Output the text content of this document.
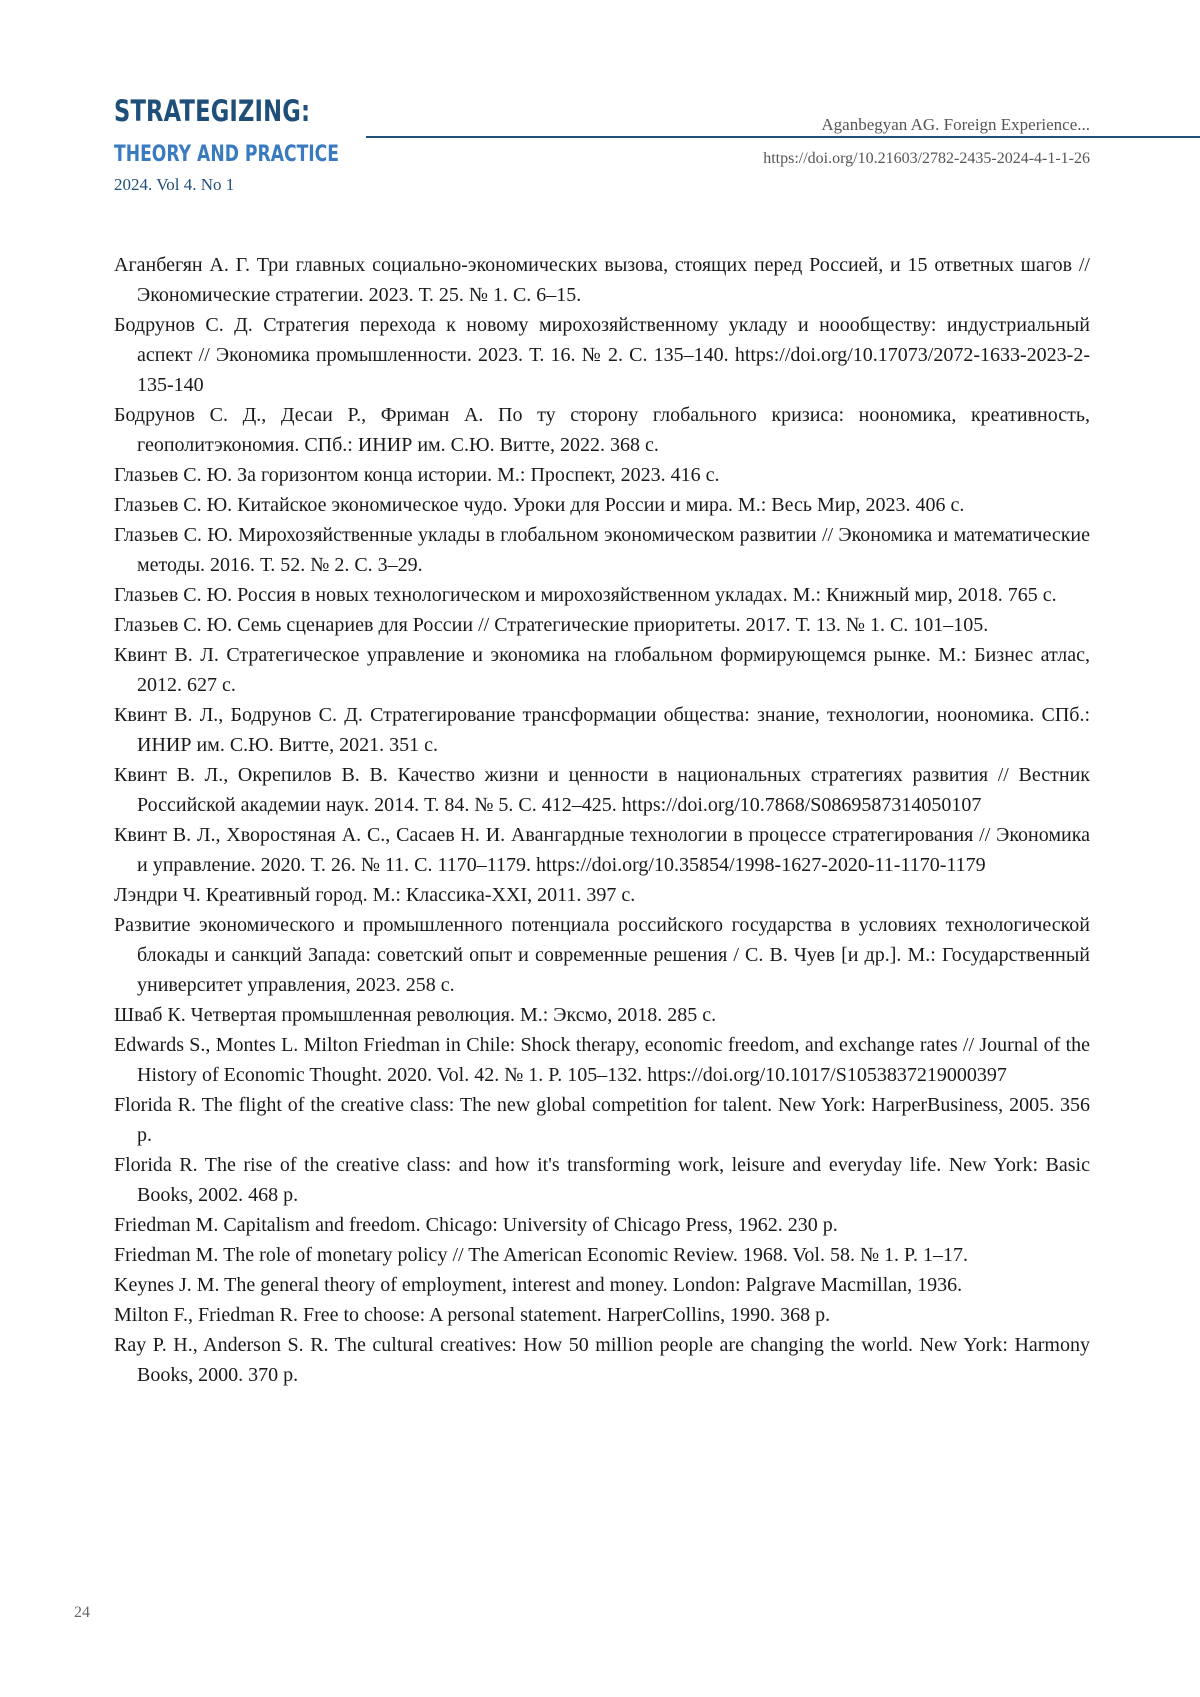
STRATEGIZING:
THEORY AND PRACTICE
2024. Vol 4. No 1
Aganbegyan AG. Foreign Experience...
https://doi.org/10.21603/2782-2435-2024-4-1-1-26
Аганбегян А. Г. Три главных социально-экономических вызова, стоящих перед Россией, и 15 ответных шагов // Экономические стратегии. 2023. Т. 25. № 1. С. 6–15.
Бодрунов С. Д. Стратегия перехода к новому мирохозяйственному укладу и нооoбществу: индустриальный аспект // Экономика промышленности. 2023. Т. 16. № 2. С. 135–140. https://doi.org/10.17073/2072-1633-2023-2-135-140
Бодрунов С. Д., Десаи Р., Фриман А. По ту сторону глобального кризиса: ноономика, креативность, геополитэкономия. СПб.: ИНИР им. С.Ю. Витте, 2022. 368 с.
Глазьев С. Ю. За горизонтом конца истории. М.: Проспект, 2023. 416 с.
Глазьев С. Ю. Китайское экономическое чудо. Уроки для России и мира. М.: Весь Мир, 2023. 406 с.
Глазьев С. Ю. Мирохозяйственные уклады в глобальном экономическом развитии // Экономика и математические методы. 2016. Т. 52. № 2. С. 3–29.
Глазьев С. Ю. Россия в новых технологическом и мирохозяйственном укладах. М.: Книжный мир, 2018. 765 с.
Глазьев С. Ю. Семь сценариев для России // Стратегические приоритеты. 2017. Т. 13. № 1. С. 101–105.
Квинт В. Л. Стратегическое управление и экономика на глобальном формирующемся рынке. М.: Бизнес атлас, 2012. 627 с.
Квинт В. Л., Бодрунов С. Д. Стратегирование трансформации общества: знание, технологии, ноономика. СПб.: ИНИР им. С.Ю. Витте, 2021. 351 с.
Квинт В. Л., Окрепилов В. В. Качество жизни и ценности в национальных стратегиях развития // Вестник Российской академии наук. 2014. Т. 84. № 5. С. 412–425. https://doi.org/10.7868/S0869587314050107
Квинт В. Л., Хворостяная А. С., Сасаев Н. И. Авангардные технологии в процессе стратегирования // Экономика и управление. 2020. Т. 26. № 11. С. 1170–1179. https://doi.org/10.35854/1998-1627-2020-11-1170-1179
Лэндри Ч. Креативный город. М.: Классика-XXI, 2011. 397 с.
Развитие экономического и промышленного потенциала российского государства в условиях технологической блокады и санкций Запада: советский опыт и современные решения / С. В. Чуев [и др.]. М.: Государственный университет управления, 2023. 258 с.
Шваб К. Четвертая промышленная революция. М.: Эксмо, 2018. 285 с.
Edwards S., Montes L. Milton Friedman in Chile: Shock therapy, economic freedom, and exchange rates // Journal of the History of Economic Thought. 2020. Vol. 42. № 1. P. 105–132. https://doi.org/10.1017/S1053837219000397
Florida R. The flight of the creative class: The new global competition for talent. New York: HarperBusiness, 2005. 356 p.
Florida R. The rise of the creative class: and how it's transforming work, leisure and everyday life. New York: Basic Books, 2002. 468 p.
Friedman M. Capitalism and freedom. Chicago: University of Chicago Press, 1962. 230 p.
Friedman M. The role of monetary policy // The American Economic Review. 1968. Vol. 58. № 1. P. 1–17.
Keynes J. M. The general theory of employment, interest and money. London: Palgrave Macmillan, 1936.
Milton F., Friedman R. Free to choose: A personal statement. HarperCollins, 1990. 368 p.
Ray P. H., Anderson S. R. The cultural creatives: How 50 million people are changing the world. New York: Harmony Books, 2000. 370 p.
24
